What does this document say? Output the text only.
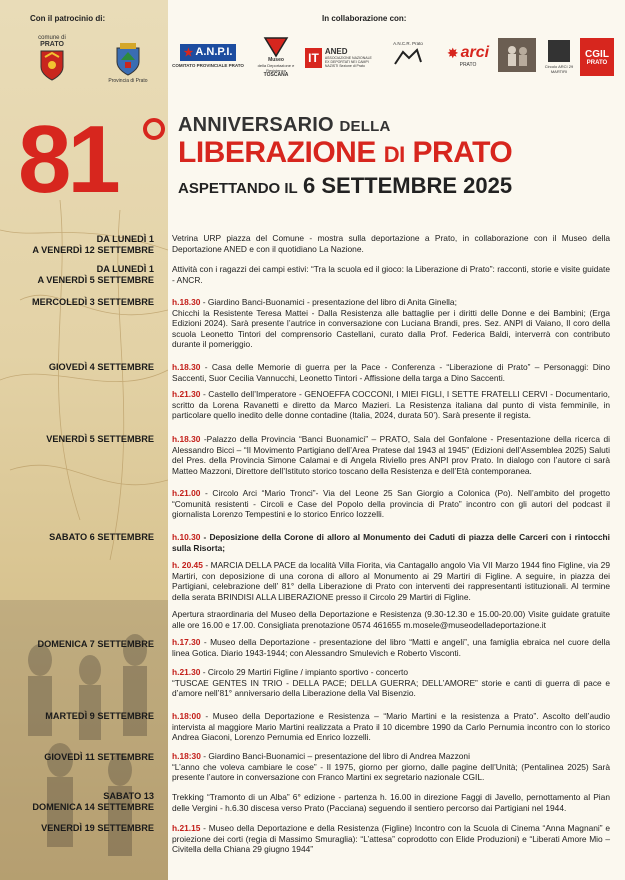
Con il patrocinio di:	In collaborazione con:
comune di
PRATO
Provincia di Prato
★ A.N.P.I.
COMITATO PROVINCIALE PRATO
Museo
della Deportazione e Resistenza
TOSCANA
IT ANED
ASSOCIAZIONE NAZIONALE EX DEPORTATI NEI CAMPI NAZISTI Sezione di Prato
A.N.C.R. Prato
✸ arci
PRATO	Circolo ARCI 29 MARTIRI
CGIL
PRATO
81	ANNIVERSARIO DELLA
LIBERAZIONE DI PRATO
ASPETTANDO IL 6 SETTEMBRE 2025
DA LUNEDÌ 1
A VENERDÌ 12 SETTEMBRE
Vetrina URP piazza del Comune - mostra sulla deportazione a Prato, in collaborazione con il Museo della Deportazione ANED e con il quotidiano La Nazione.
DA LUNEDÌ 1
A VENERDÌ 5 SETTEMBRE
Attività con i ragazzi dei campi estivi: “Tra la scuola ed il gioco: la Liberazione di Prato”: racconti, storie e visite guidate - ANCR.
MERCOLEDÌ 3 SETTEMBRE h.18.30 - Giardino Banci-Buonamici - presentazione del libro di Anita Ginella;
Chicchi la Resistente Teresa Mattei - Dalla Resistenza alle battaglie per i diritti delle Donne e dei Bambini; (Erga Edizioni 2024). Sarà presente l’autrice in conversazione con Luciana Brandi, pres. Sez. ANPI di Vaiano, Il coro della scuola Leonetto Tintori del comprensorio Castellani, curato dalla Prof. Federica Baldi, interverrà con contributo durante il pomeriggio.
GIOVEDÌ 4 SETTEMBRE h.18.30 - Casa delle Memorie di guerra per la Pace - Conferenza - “Liberazione di Prato” – Personaggi: Dino Saccenti, Suor Cecilia Vannucchi, Leonetto Tintori - Affissione della targa a Dino Saccenti.
h.21.30 - Castello dell’Imperatore - GENOEFFA COCCONI, I MIEI FIGLI, I SETTE FRATELLI CERVI - Documentario, scritto da Lorena Ravanetti e diretto da Marco Mazieri. La Resistenza italiana dal punto di vista femminile, in particolare quello inedito delle donne contadine (Italia, 2024, durata 50’). Sarà presente il regista.
VENERDÌ 5 SETTEMBRE h.18.30 -Palazzo della Provincia “Banci Buonamici” – PRATO, Sala del Gonfalone - Presentazione della ricerca di Alessandro Bicci – “Il Movimento Partigiano dell’Area Pratese dal 1943 al 1945” (Edizioni dell’Assemblea 2025) Saluti del Pres. della Provincia Simone Calamai e di Angela Riviello pres ANPI prov Prato. In dialogo con l’autore ci sarà Matteo Mazzoni, Direttore dell’Istituto storico toscano della Resistenza e dell’Età contemporanea.
h.21.00 - Circolo Arci “Mario Tronci”- Via del Leone 25 San Giorgio a Colonica (Po). Nell’ambito del progetto “Comunità resistenti - Circoli e Case del Popolo della provincia di Prato” incontro con gli autori del podcast il giornalista Lorenzo Tempestini e lo storico Enrico Iozzelli.
SABATO 6 SETTEMBRE h.10.30 - Deposizione della Corone di alloro al Monumento dei Caduti di piazza delle Carceri con i rintocchi sulla Risorta;
h. 20.45 - MARCIA DELLA PACE da località Villa Fiorita, via Cantagallo angolo Via VII Marzo 1944 fino Figline, via 29 Martiri, con deposizione di una corona di alloro al Monumento ai 29 Martiri di Figline. A seguire, in piazza dei Partigiani, celebrazione dell’ 81° della Liberazione di Prato con interventi dei rappresentanti istituzionali. Al termine della serata BRINDISI ALLA LIBERAZIONE presso il Circolo 29 Martiri di Figline.
Apertura straordinaria del Museo della Deportazione e Resistenza (9.30-12.30 e 15.00-20.00) Visite guidate gratuite alle ore 16.00 e 17.00. Consigliata prenotazione 0574 461655 m.mosele@museodelladeportazione.it
DOMENICA 7 SETTEMBRE h.17.30 - Museo della Deportazione - presentazione del libro “Matti e angeli”, una famiglia ebraica nel cuore della linea Gotica. Diario 1943-1944; con Alessandro Smulevich e Roberto Visconti.
h.21.30 - Circolo 29 Martiri Figline / impianto sportivo - concerto
“TUSCAE GENTES IN TRIO - DELLA PACE; DELLA GUERRA; DELL’AMORE” storie e canti di guerra di pace e d’amore nell’81° anniversario della Liberazione della Val Bisenzio.
MARTEDÌ 9 SETTEMBRE h.18:00 - Museo della Deportazione e Resistenza – “Mario Martini e la resistenza a Prato”. Ascolto dell’audio intervista al maggiore Mario Martini realizzata a Prato il 10 dicembre 1990 da Carlo Pernumia incontro con lo storico Andrea Giaconi, Lorenzo Pernumia ed Enrico Iozzelli.
GIOVEDÌ 11 SETTEMBRE h.18:30 - Giardino Banci-Buonamici – presentazione del libro di Andrea Mazzoni
“L’anno che voleva cambiare le cose” - Il 1975, giorno per giorno, dalle pagine dell’Unità; (Pentalinea 2025) Sarà presente l’autore in conversazione con Franco Martini ex segretario nazionale CGIL.
SABATO 13
DOMENICA 14 SETTEMBRE
Trekking “Tramonto di un Alba” 6° edizione - partenza h. 16.00 in direzione Faggi di Javello, pernottamento al Pian delle Vergini - h.6.30 discesa verso Prato (Pacciana) seguendo il sentiero percorso dai Partigiani nel 1944.
VENERDÌ 19 SETTEMBRE h.21.15 - Museo della Deportazione e della Resistenza (Figline) Incontro con la Scuola di Cinema “Anna Magnani” e proiezione dei corti (regia di Massimo Smuraglia): “L’attesa” coprodotto con Elide Produzioni) e “Liberati Amore Mio – Civitella della Chiana 29 giugno 1944”
